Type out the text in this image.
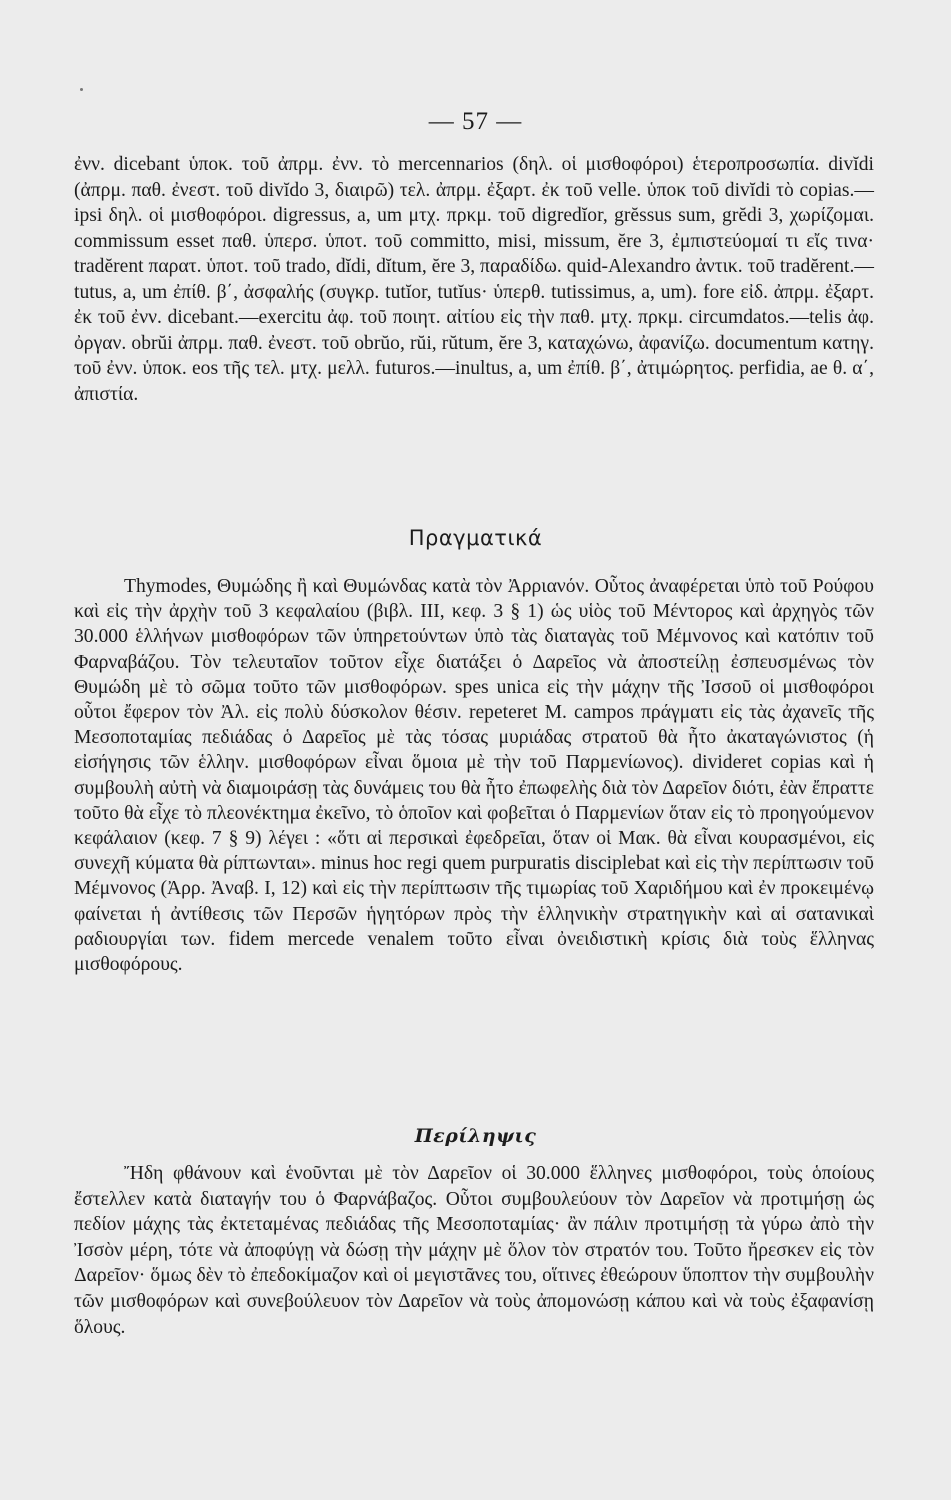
— 57 —

ἐνν. dicebant ὑποκ. τοῦ ἀπρμ. ἐνν. τὸ mercennarios (δηλ. οἱ μισθοφόροι) ἑτεροπροσωπία. divĭdi (ἀπρμ. παθ. ἐνεστ. τοῦ divĭdo 3, διαιρῶ) τελ. ἀπρμ. ἐξαρτ. ἐκ τοῦ velle. ὑποκ τοῦ divĭdi τὸ copias.—ipsi δηλ. οἱ μισθοφόροι. digressus, a, um μτχ. πρκμ. τοῦ digredĭor, grĕssus sum, grĕdi 3, χωρίζομαι. commissum esset παθ. ὑπερσ. ὑποτ. τοῦ committo, misi, missum, ĕre 3, ἐμπιστεύομαί τι εἴς τινα· tradĕrent παρατ. ὑποτ. τοῦ trado, dĭdi, dĭtum, ĕre 3, παραδίδω. quid-Alexandro ἀντικ. τοῦ tradĕrent.—tutus, a, um ἐπίθ. β΄, ἀσφαλής (συγκρ. tutĭor, tutĭus· ὑπερθ. tutissimus, a, um). fore εἰδ. ἀπρμ. ἐξαρτ. ἐκ τοῦ ἐνν. dicebant.—exercitu ἀφ. τοῦ ποιητ. αἰτίου εἰς τὴν παθ. μτχ. πρκμ. circumdatos.—telis ἀφ. ὀργαν. obrŭi ἀπρμ. παθ. ἐνεστ. τοῦ obrŭo, rŭi, rŭtum, ĕre 3, καταχώνω, ἀφανίζω. documentum κατηγ. τοῦ ἐνν. ὑποκ. eos τῆς τελ. μτχ. μελλ. futuros.—inultus, a, um ἐπίθ. β΄, ἀτιμώρητος. perfidia, ae θ. α΄, ἀπιστία.

Πραγματικά

Thymodes, Θυμώδης ἢ καὶ Θυμώνδας κατὰ τὸν Ἀρριανόν. Οὗτος ἀναφέρεται ὑπὸ τοῦ Ρούφου καὶ εἰς τὴν ἀρχὴν τοῦ 3 κεφαλαίου (βιβλ. III, κεφ. 3 § 1) ὡς υἱὸς τοῦ Μέντορος καὶ ἀρχηγὸς τῶν 30.000 ἑλλήνων μισθοφόρων τῶν ὑπηρετούντων ὑπὸ τὰς διαταγὰς τοῦ Μέμνονος καὶ κατόπιν τοῦ Φαρναβάζου. Τὸν τελευταῖον τοῦτον εἶχε διατάξει ὁ Δαρεῖος νὰ ἀποστείλῃ ἐσπευσμένως τὸν Θυμώδη μὲ τὸ σῶμα τοῦτο τῶν μισθοφόρων. spes unica εἰς τὴν μάχην τῆς Ἰσσοῦ οἱ μισθοφόροι οὗτοι ἔφερον τὸν Ἀλ. εἰς πολὺ δύσκολον θέσιν. repeteret M. campos πράγματι εἰς τὰς ἀχανεῖς τῆς Μεσοποταμίας πεδιάδας ὁ Δαρεῖος μὲ τὰς τόσας μυριάδας στρατοῦ θὰ ἦτο ἀκαταγώνιστος (ἡ εἰσήγησις τῶν ἑλλην. μισθοφόρων εἶναι ὅμοια μὲ τὴν τοῦ Παρμενίωνος). divideret copias καὶ ἡ συμβουλὴ αὐτὴ νὰ διαμοιράσῃ τὰς δυνάμεις του θὰ ἦτο ἐπωφελὴς διὰ τὸν Δαρεῖον διότι, ἐὰν ἔπραττε τοῦτο θὰ εἶχε τὸ πλεονέκτημα ἐκεῖνο, τὸ ὁποῖον καὶ φοβεῖται ὁ Παρμενίων ὅταν εἰς τὸ προηγούμενον κεφάλαιον (κεφ. 7 § 9) λέγει : «ὅτι αἱ περσικαὶ ἐφεδρεῖαι, ὅταν οἱ Μακ. θὰ εἶναι κουρασμένοι, εἰς συνεχῆ κύματα θὰ ρίπτωνται». minus hoc regi quem purpuratis disciplebat καὶ εἰς τὴν περίπτωσιν τοῦ Μέμνονος (Ἀρρ. Ἀναβ. I, 12) καὶ εἰς τὴν περίπτωσιν τῆς τιμωρίας τοῦ Χαριδήμου καὶ ἐν προκειμένῳ φαίνεται ἡ ἀντίθεσις τῶν Περσῶν ἡγητόρων πρὸς τὴν ἑλληνικὴν στρατηγικὴν καὶ αἱ σατανικαὶ ραδιουργίαι των. fidem mercede venalem τοῦτο εἶναι ὀνειδιστικὴ κρίσις διὰ τοὺς ἕλληνας μισθοφόρους.

Περίληψις

Ἤδη φθάνουν καὶ ἑνοῦνται μὲ τὸν Δαρεῖον οἱ 30.000 ἕλληνες μισθοφόροι, τοὺς ὁποίους ἔστελλεν κατὰ διαταγήν του ὁ Φαρνάβαζος. Οὗτοι συμβουλεύουν τὸν Δαρεῖον νὰ προτιμήσῃ ὡς πεδίον μάχης τὰς ἐκτεταμένας πεδιάδας τῆς Μεσοποταμίας· ἂν πάλιν προτιμήσῃ τὰ γύρω ἀπὸ τὴν Ἰσσὸν μέρη, τότε νὰ ἀποφύγῃ νὰ δώσῃ τὴν μάχην μὲ ὅλον τὸν στρατόν του. Τοῦτο ἤρεσκεν εἰς τὸν Δαρεῖον· ὅμως δὲν τὸ ἐπεδοκίμαζον καὶ οἱ μεγιστᾶνες του, οἵτινες ἐθεώρουν ὕποπτον τὴν συμβουλὴν τῶν μισθοφόρων καὶ συνεβούλευον τὸν Δαρεῖον νὰ τοὺς ἀπομονώσῃ κάπου καὶ νὰ τοὺς ἐξαφανίσῃ ὅλους.
